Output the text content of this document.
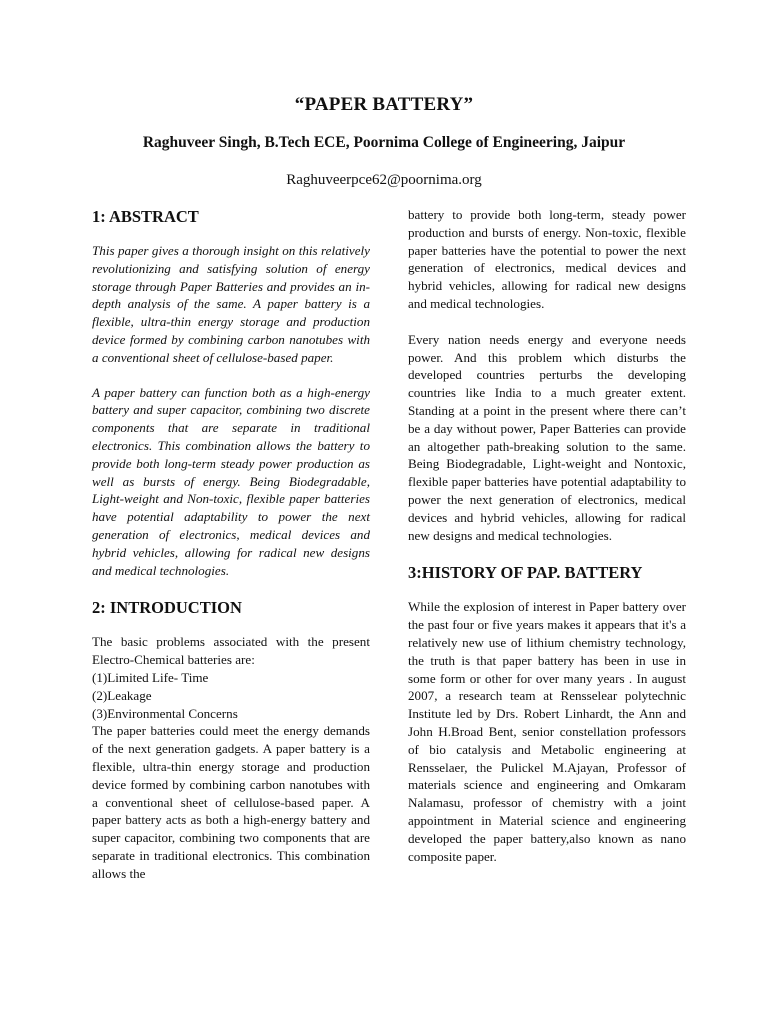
“PAPER BATTERY”
Raghuveer Singh, B.Tech ECE, Poornima College of Engineering, Jaipur
Raghuveerpce62@poornima.org
1: ABSTRACT

This paper gives a thorough insight on this relatively revolutionizing and satisfying solution of energy storage through Paper Batteries and provides an in-depth analysis of the same. A paper battery is a flexible, ultra-thin energy storage and production device formed by combining carbon nanotubes with a conventional sheet of cellulose-based paper.

A paper battery can function both as a high-energy battery and super capacitor, combining two discrete components that are separate in traditional electronics. This combination allows the battery to provide both long-term steady power production as well as bursts of energy. Being Biodegradable, Light-weight and Non-toxic, flexible paper batteries have potential adaptability to power the next generation of electronics, medical devices and hybrid vehicles, allowing for radical new designs and medical technologies.

2: INTRODUCTION

The basic problems associated with the present Electro-Chemical batteries are:

(1)Limited Life- Time
(2)Leakage
(3)Environmental Concerns

The paper batteries could meet the energy demands of the next generation gadgets. A paper battery is a flexible, ultra-thin energy storage and production device formed by combining carbon nanotubes with a conventional sheet of cellulose-based paper. A paper battery acts as both a high-energy battery and super capacitor, combining two components that are separate in traditional electronics. This combination allows the

battery to provide both long-term, steady power production and bursts of energy. Non-toxic, flexible paper batteries have the potential to power the next generation of electronics, medical devices and hybrid vehicles, allowing for radical new designs and medical technologies.

Every nation needs energy and everyone needs power. And this problem which disturbs the developed countries perturbs the developing countries like India to a much greater extent. Standing at a point in the present where there can’t be a day without power, Paper Batteries can provide an altogether path-breaking solution to the same. Being Biodegradable, Light-weight and Nontoxic, flexible paper batteries have potential adaptability to power the next generation of electronics, medical devices and hybrid vehicles, allowing for radical new designs and medical technologies.

3:HISTORY OF PAP. BATTERY

While the explosion of interest in Paper battery over the past four or five years makes it appears that it's a relatively new use of lithium chemistry technology, the truth is that paper battery has been in use in some form or other for over many years . In august 2007, a research team at Rensselear polytechnic Institute led by Drs. Robert Linhardt, the Ann and John H.Broad Bent, senior constellation professors of bio catalysis and Metabolic engineering at Rensselaer, the Pulickel M.Ajayan, Professor of materials science and engineering and Omkaram Nalamasu, professor of chemistry with a joint appointment in Material science and engineering developed the paper battery,also known as nano composite paper.
